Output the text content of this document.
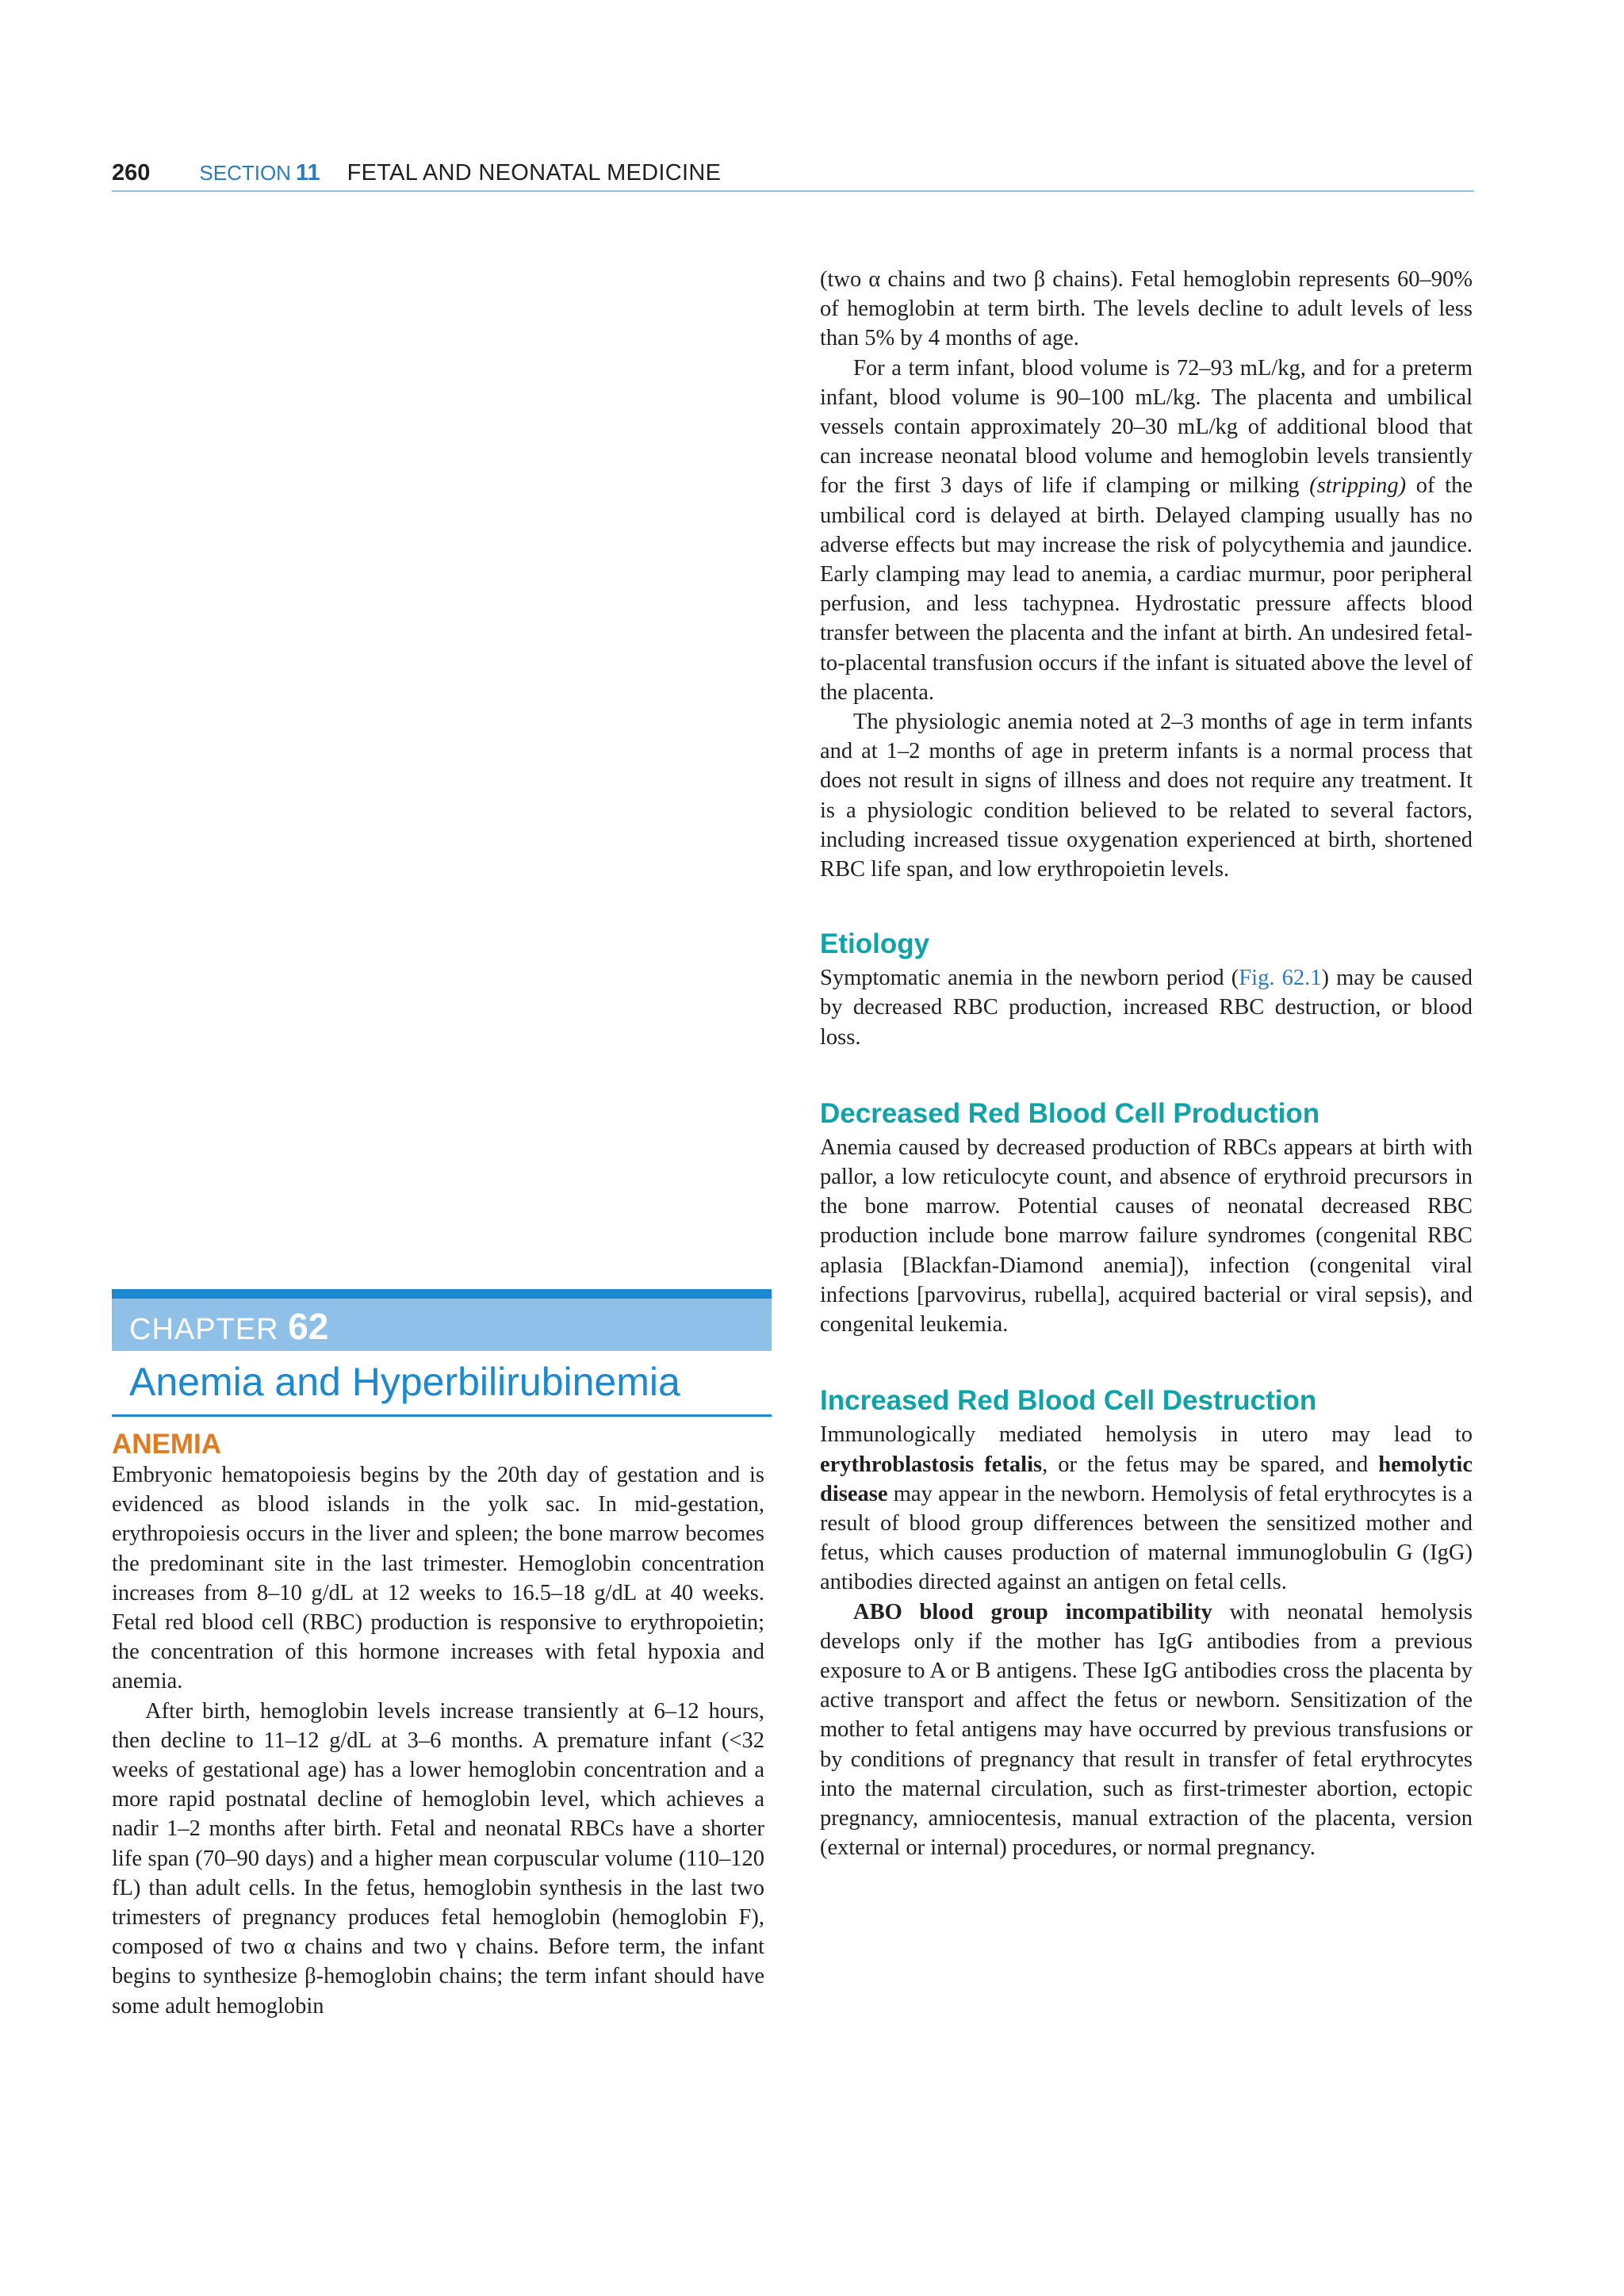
260 SECTION 11 FETAL AND NEONATAL MEDICINE

(two α chains and two β chains). Fetal hemoglobin represents 60–90% of hemoglobin at term birth. The levels decline to adult levels of less than 5% by 4 months of age.

For a term infant, blood volume is 72–93 mL/kg, and for a preterm infant, blood volume is 90–100 mL/kg. The placenta and umbilical vessels contain approximately 20–30 mL/kg of additional blood that can increase neonatal blood volume and hemoglobin levels transiently for the first 3 days of life if clamping or milking (stripping) of the umbilical cord is delayed at birth. Delayed clamping usually has no adverse effects but may increase the risk of polycythemia and jaundice. Early clamping may lead to anemia, a cardiac murmur, poor peripheral perfusion, and less tachypnea. Hydrostatic pressure affects blood transfer between the placenta and the infant at birth. An undesired fetal-to-placental transfusion occurs if the infant is situated above the level of the placenta.

The physiologic anemia noted at 2–3 months of age in term infants and at 1–2 months of age in preterm infants is a normal process that does not result in signs of illness and does not require any treatment. It is a physiologic condition believed to be related to several factors, including increased tissue oxygenation experienced at birth, shortened RBC life span, and low erythropoietin levels.

Etiology

Symptomatic anemia in the newborn period (Fig. 62.1) may be caused by decreased RBC production, increased RBC destruction, or blood loss.

Decreased Red Blood Cell Production

Anemia caused by decreased production of RBCs appears at birth with pallor, a low reticulocyte count, and absence of erythroid precursors in the bone marrow. Potential causes of neonatal decreased RBC production include bone marrow failure syndromes (congenital RBC aplasia [Blackfan-Diamond anemia]), infection (congenital viral infections [parvovirus, rubella], acquired bacterial or viral sepsis), and congenital leukemia.

Increased Red Blood Cell Destruction

Immunologically mediated hemolysis in utero may lead to erythroblastosis fetalis, or the fetus may be spared, and hemolytic disease may appear in the newborn. Hemolysis of fetal erythrocytes is a result of blood group differences between the sensitized mother and fetus, which causes production of maternal immunoglobulin G (IgG) antibodies directed against an antigen on fetal cells.

ABO blood group incompatibility with neonatal hemolysis develops only if the mother has IgG antibodies from a previous exposure to A or B antigens. These IgG antibodies cross the placenta by active transport and affect the fetus or newborn. Sensitization of the mother to fetal antigens may have occurred by previous transfusions or by conditions of pregnancy that result in transfer of fetal erythrocytes into the maternal circulation, such as first-trimester abortion, ectopic pregnancy, amniocentesis, manual extraction of the placenta, version (external or internal) procedures, or normal pregnancy.

CHAPTER 62
Anemia and Hyperbilirubinemia
ANEMIA

Embryonic hematopoiesis begins by the 20th day of gestation and is evidenced as blood islands in the yolk sac. In mid-gestation, erythropoiesis occurs in the liver and spleen; the bone marrow becomes the predominant site in the last trimester. Hemoglobin concentration increases from 8–10 g/dL at 12 weeks to 16.5–18 g/dL at 40 weeks. Fetal red blood cell (RBC) production is responsive to erythropoietin; the concentration of this hormone increases with fetal hypoxia and anemia.

After birth, hemoglobin levels increase transiently at 6–12 hours, then decline to 11–12 g/dL at 3–6 months. A premature infant (<32 weeks of gestational age) has a lower hemoglobin concentration and a more rapid postnatal decline of hemoglobin level, which achieves a nadir 1–2 months after birth. Fetal and neonatal RBCs have a shorter life span (70–90 days) and a higher mean corpuscular volume (110–120 fL) than adult cells. In the fetus, hemoglobin synthesis in the last two trimesters of pregnancy produces fetal hemoglobin (hemoglobin F), composed of two α chains and two γ chains. Before term, the infant begins to synthesize β-hemoglobin chains; the term infant should have some adult hemoglobin
